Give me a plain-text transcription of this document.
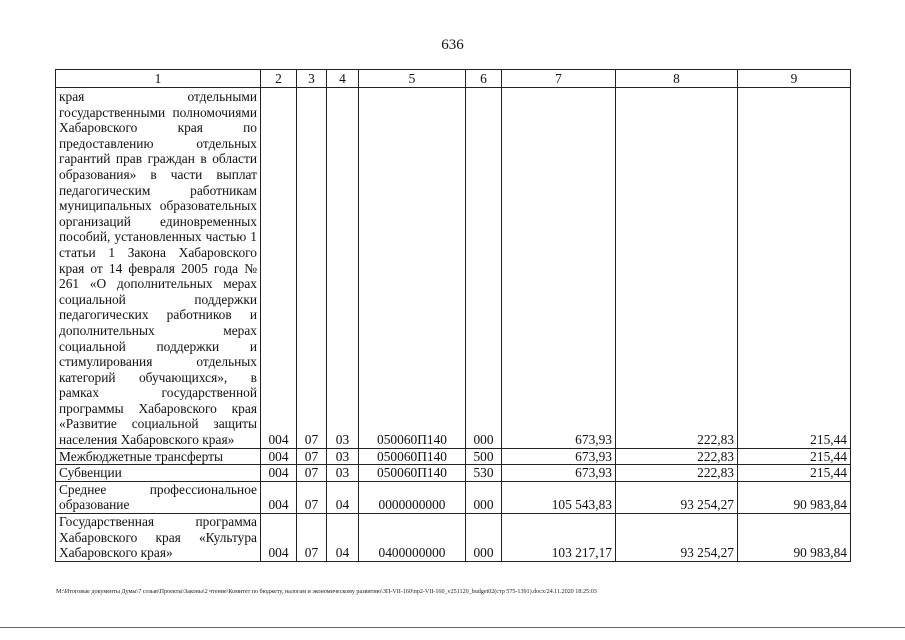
636
1	2	3	4	5	6	7	8	9
края отдельными государственными полномочиями Хабаровского края по предоставлению отдельных гарантий прав граждан в области образования» в части выплат педагогическим работникам муниципальных образовательных организаций единовременных пособий, установленных частью 1 статьи 1 Закона Хабаровского края от 14 февраля 2005 года № 261 «О дополнительных мерах социальной поддержки педагогических работников и дополнительных мерах социальной поддержки и стимулирования отдельных категорий обучающихся», в рамках государственной программы Хабаровского края «Развитие социальной защиты населения Хабаровского края»	004	07	03	050060П140	000	673,93	222,83	215,44
Межбюджетные трансферты	004	07	03	050060П140	500	673,93	222,83	215,44
Субвенции	004	07	03	050060П140	530	673,93	222,83	215,44
Среднее профессиональное образование	004	07	04	0000000000	000	105 543,83	93 254,27	90 983,84
Государственная программа Хабаровского края «Культура Хабаровского края»	004	07	04	0400000000	000	103 217,17	93 254,27	90 983,84
M:\Итоговые документы Думы\7 созыв\Проекты\Законы\2 чтение\Комитет по бюджету, налогам и экономическому развитию\ЗП-VII-160\пр2-VII-160_v251120_budget02(стр 575-1391).docx/24.11.2020 18:25:03
